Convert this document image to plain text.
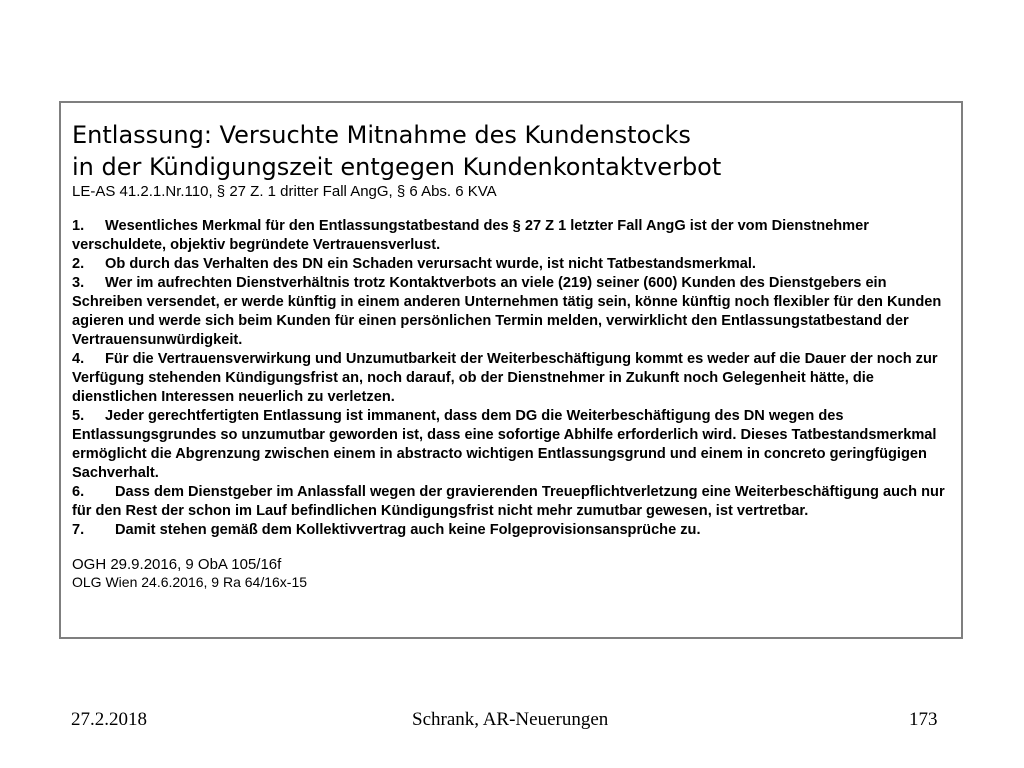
Entlassung: Versuchte Mitnahme des Kundenstocks
in der Kündigungszeit entgegen Kundenkontaktverbot
LE-AS 41.2.1.Nr.110, § 27 Z. 1 dritter Fall AngG, § 6 Abs. 6 KVA

1. Wesentliches Merkmal für den Entlassungstatbestand des § 27 Z 1 letzter Fall AngG ist der vom Dienstnehmer verschuldete, objektiv begründete Vertrauensverlust.

2. Ob durch das Verhalten des DN ein Schaden verursacht wurde, ist nicht Tatbestandsmerkmal.

3. Wer im aufrechten Dienstverhältnis trotz Kontaktverbots an viele (219) seiner (600) Kunden des Dienstgebers ein Schreiben versendet, er werde künftig in einem anderen Unternehmen tätig sein, könne künftig noch flexibler für den Kunden agieren und werde sich beim Kunden für einen persönlichen Termin melden, verwirklicht den Entlassungstatbestand der Vertrauensunwürdigkeit.

4. Für die Vertrauensverwirkung und Unzumutbarkeit der Weiterbeschäftigung kommt es weder auf die Dauer der noch zur Verfügung stehenden Kündigungsfrist an, noch darauf, ob der Dienstnehmer in Zukunft noch Gelegenheit hätte, die dienstlichen Interessen neuerlich zu verletzen.

5. Jeder gerechtfertigten Entlassung ist immanent, dass dem DG die Weiterbeschäftigung des DN wegen des Entlassungsgrundes so unzumutbar geworden ist, dass eine sofortige Abhilfe erforderlich wird. Dieses Tatbestandsmerkmal ermöglicht die Abgrenzung zwischen einem in abstracto wichtigen Entlassungsgrund und einem in concreto geringfügigen Sachverhalt.

6. Dass dem Dienstgeber im Anlassfall wegen der gravierenden Treuepflichtverletzung eine Weiterbeschäftigung auch nur für den Rest der schon im Lauf befindlichen Kündigungsfrist nicht mehr zumutbar gewesen, ist vertretbar.

7. Damit stehen gemäß dem Kollektivvertrag auch keine Folgeprovisionsansprüche zu.

OGH 29.9.2016, 9 ObA 105/16f
OLG Wien 24.6.2016, 9 Ra 64/16x-15
27.2.2018	Schrank, AR-Neuerungen	173
